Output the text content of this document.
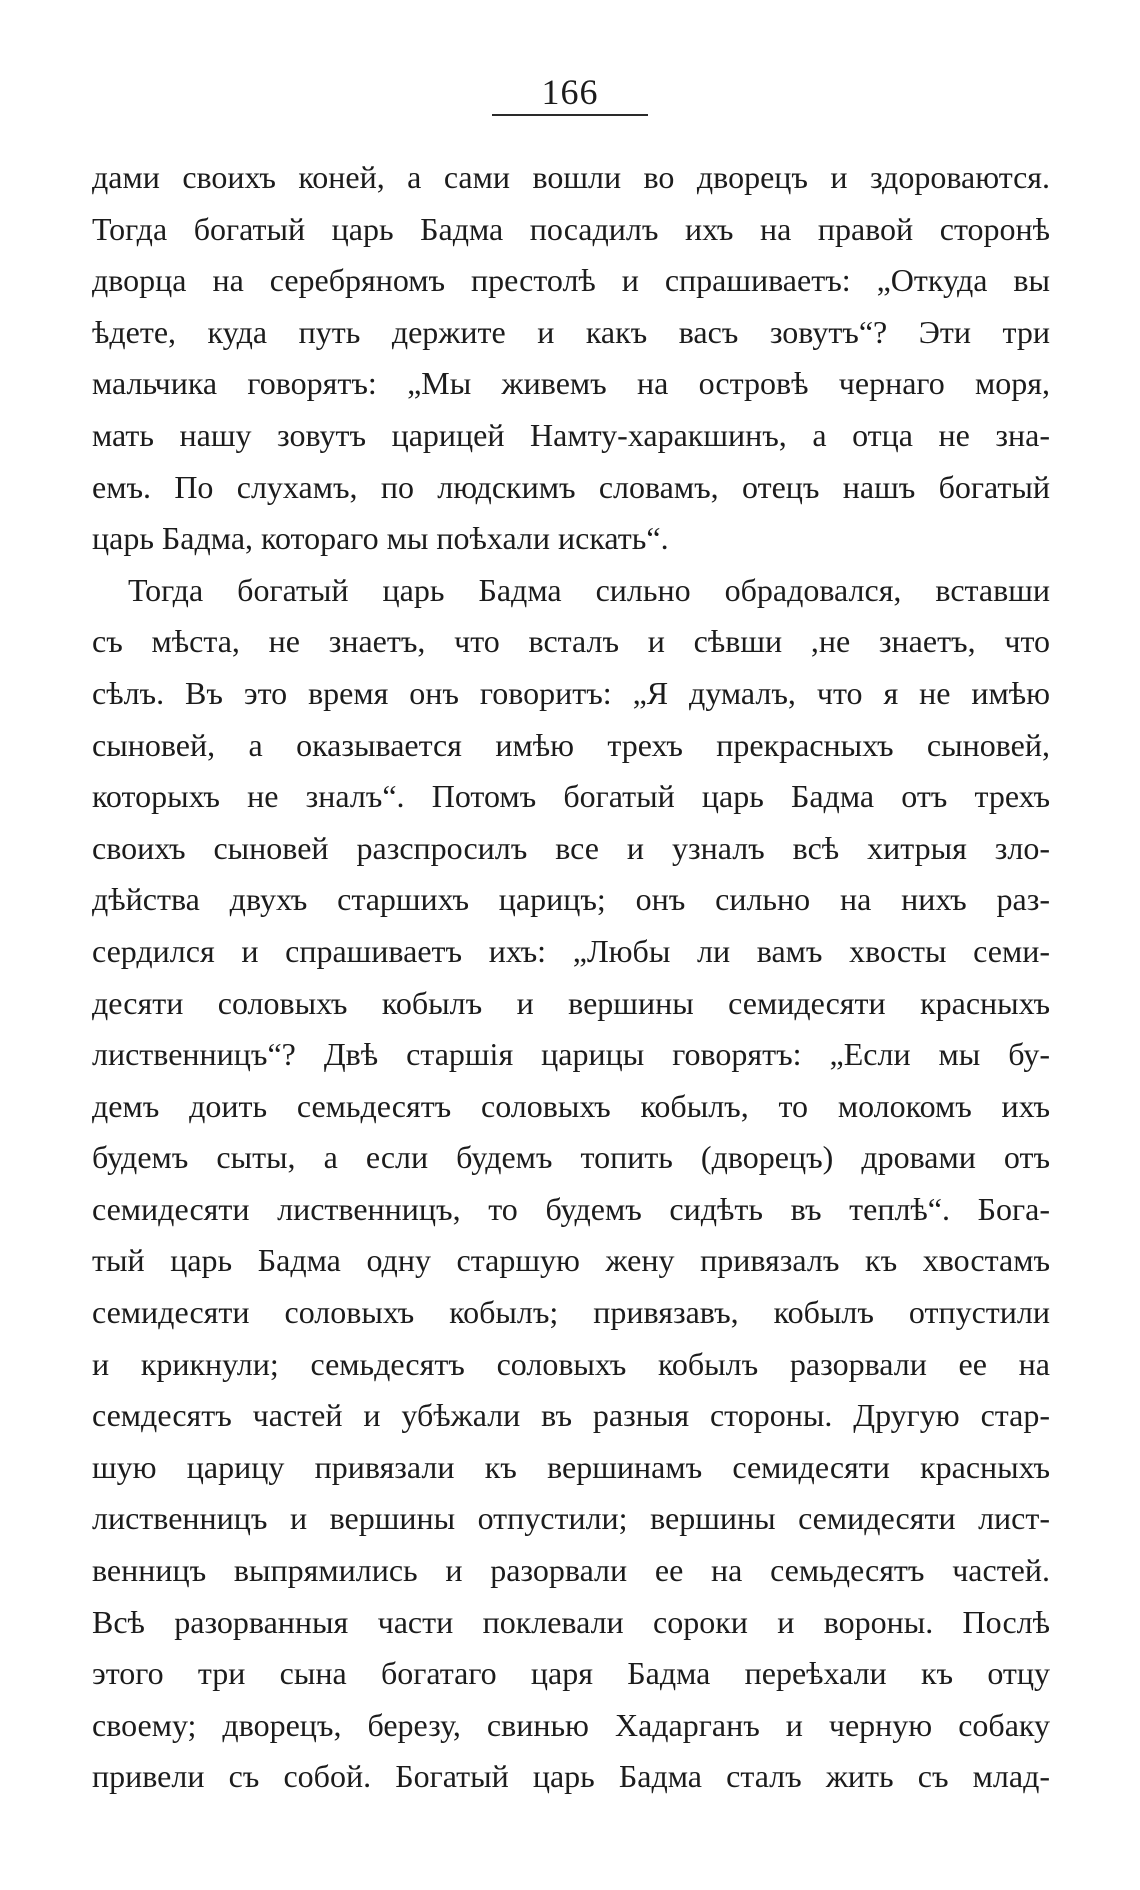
166
дами своихъ коней, а сами вошли во дворецъ и здороваются.
Тогда богатый царь Бадма посадилъ ихъ на правой сторонѣ
дворца на серебряномъ престолѣ и спрашиваетъ: „Откуда вы
ѣдете, куда путь держите и какъ васъ зовутъ“? Эти три
мальчика говорятъ: „Мы живемъ на островѣ чернаго моря,
мать нашу зовутъ царицей Намту-харакшинъ, а отца не зна-
емъ. По слухамъ, по людскимъ словамъ, отецъ нашъ богатый
царь Бадма, котораго мы поѣхали искать“.
Тогда богатый царь Бадма сильно обрадовался, вставши
съ мѣста, не знаетъ, что всталъ и сѣвши ,не знаетъ, что
сѣлъ. Въ это время онъ говоритъ: „Я думалъ, что я не имѣю
сыновей, а оказывается имѣю трехъ прекрасныхъ сыновей,
которыхъ не зналъ“. Потомъ богатый царь Бадма отъ трехъ
своихъ сыновей разспросилъ все и узналъ всѣ хитрыя зло-
дѣйства двухъ старшихъ царицъ; онъ сильно на нихъ раз-
сердился и спрашиваетъ ихъ: „Любы ли вамъ хвосты семи-
десяти соловыхъ кобылъ и вершины семидесяти красныхъ
лиственницъ“? Двѣ старшія царицы говорятъ: „Если мы бу-
демъ доить семьдесятъ соловыхъ кобылъ, то молокомъ ихъ
будемъ сыты, а если будемъ топить (дворецъ) дровами отъ
семидесяти лиственницъ, то будемъ сидѣть въ теплѣ“. Бога-
тый царь Бадма одну старшую жену привязалъ къ хвостамъ
семидесяти соловыхъ кобылъ; привязавъ, кобылъ отпустили
и крикнули; семьдесятъ соловыхъ кобылъ разорвали ее на
семдесятъ частей и убѣжали въ разныя стороны. Другую стар-
шую царицу привязали къ вершинамъ семидесяти красныхъ
лиственницъ и вершины отпустили; вершины семидесяти лист-
венницъ выпрямились и разорвали ее на семьдесятъ частей.
Всѣ разорванныя части поклевали сороки и вороны. Послѣ
этого три сына богатаго царя Бадма переѣхали къ отцу
своему; дворецъ, березу, свинью Хадарганъ и черную собаку
привели съ собой. Богатый царь Бадма сталъ жить съ млад-
